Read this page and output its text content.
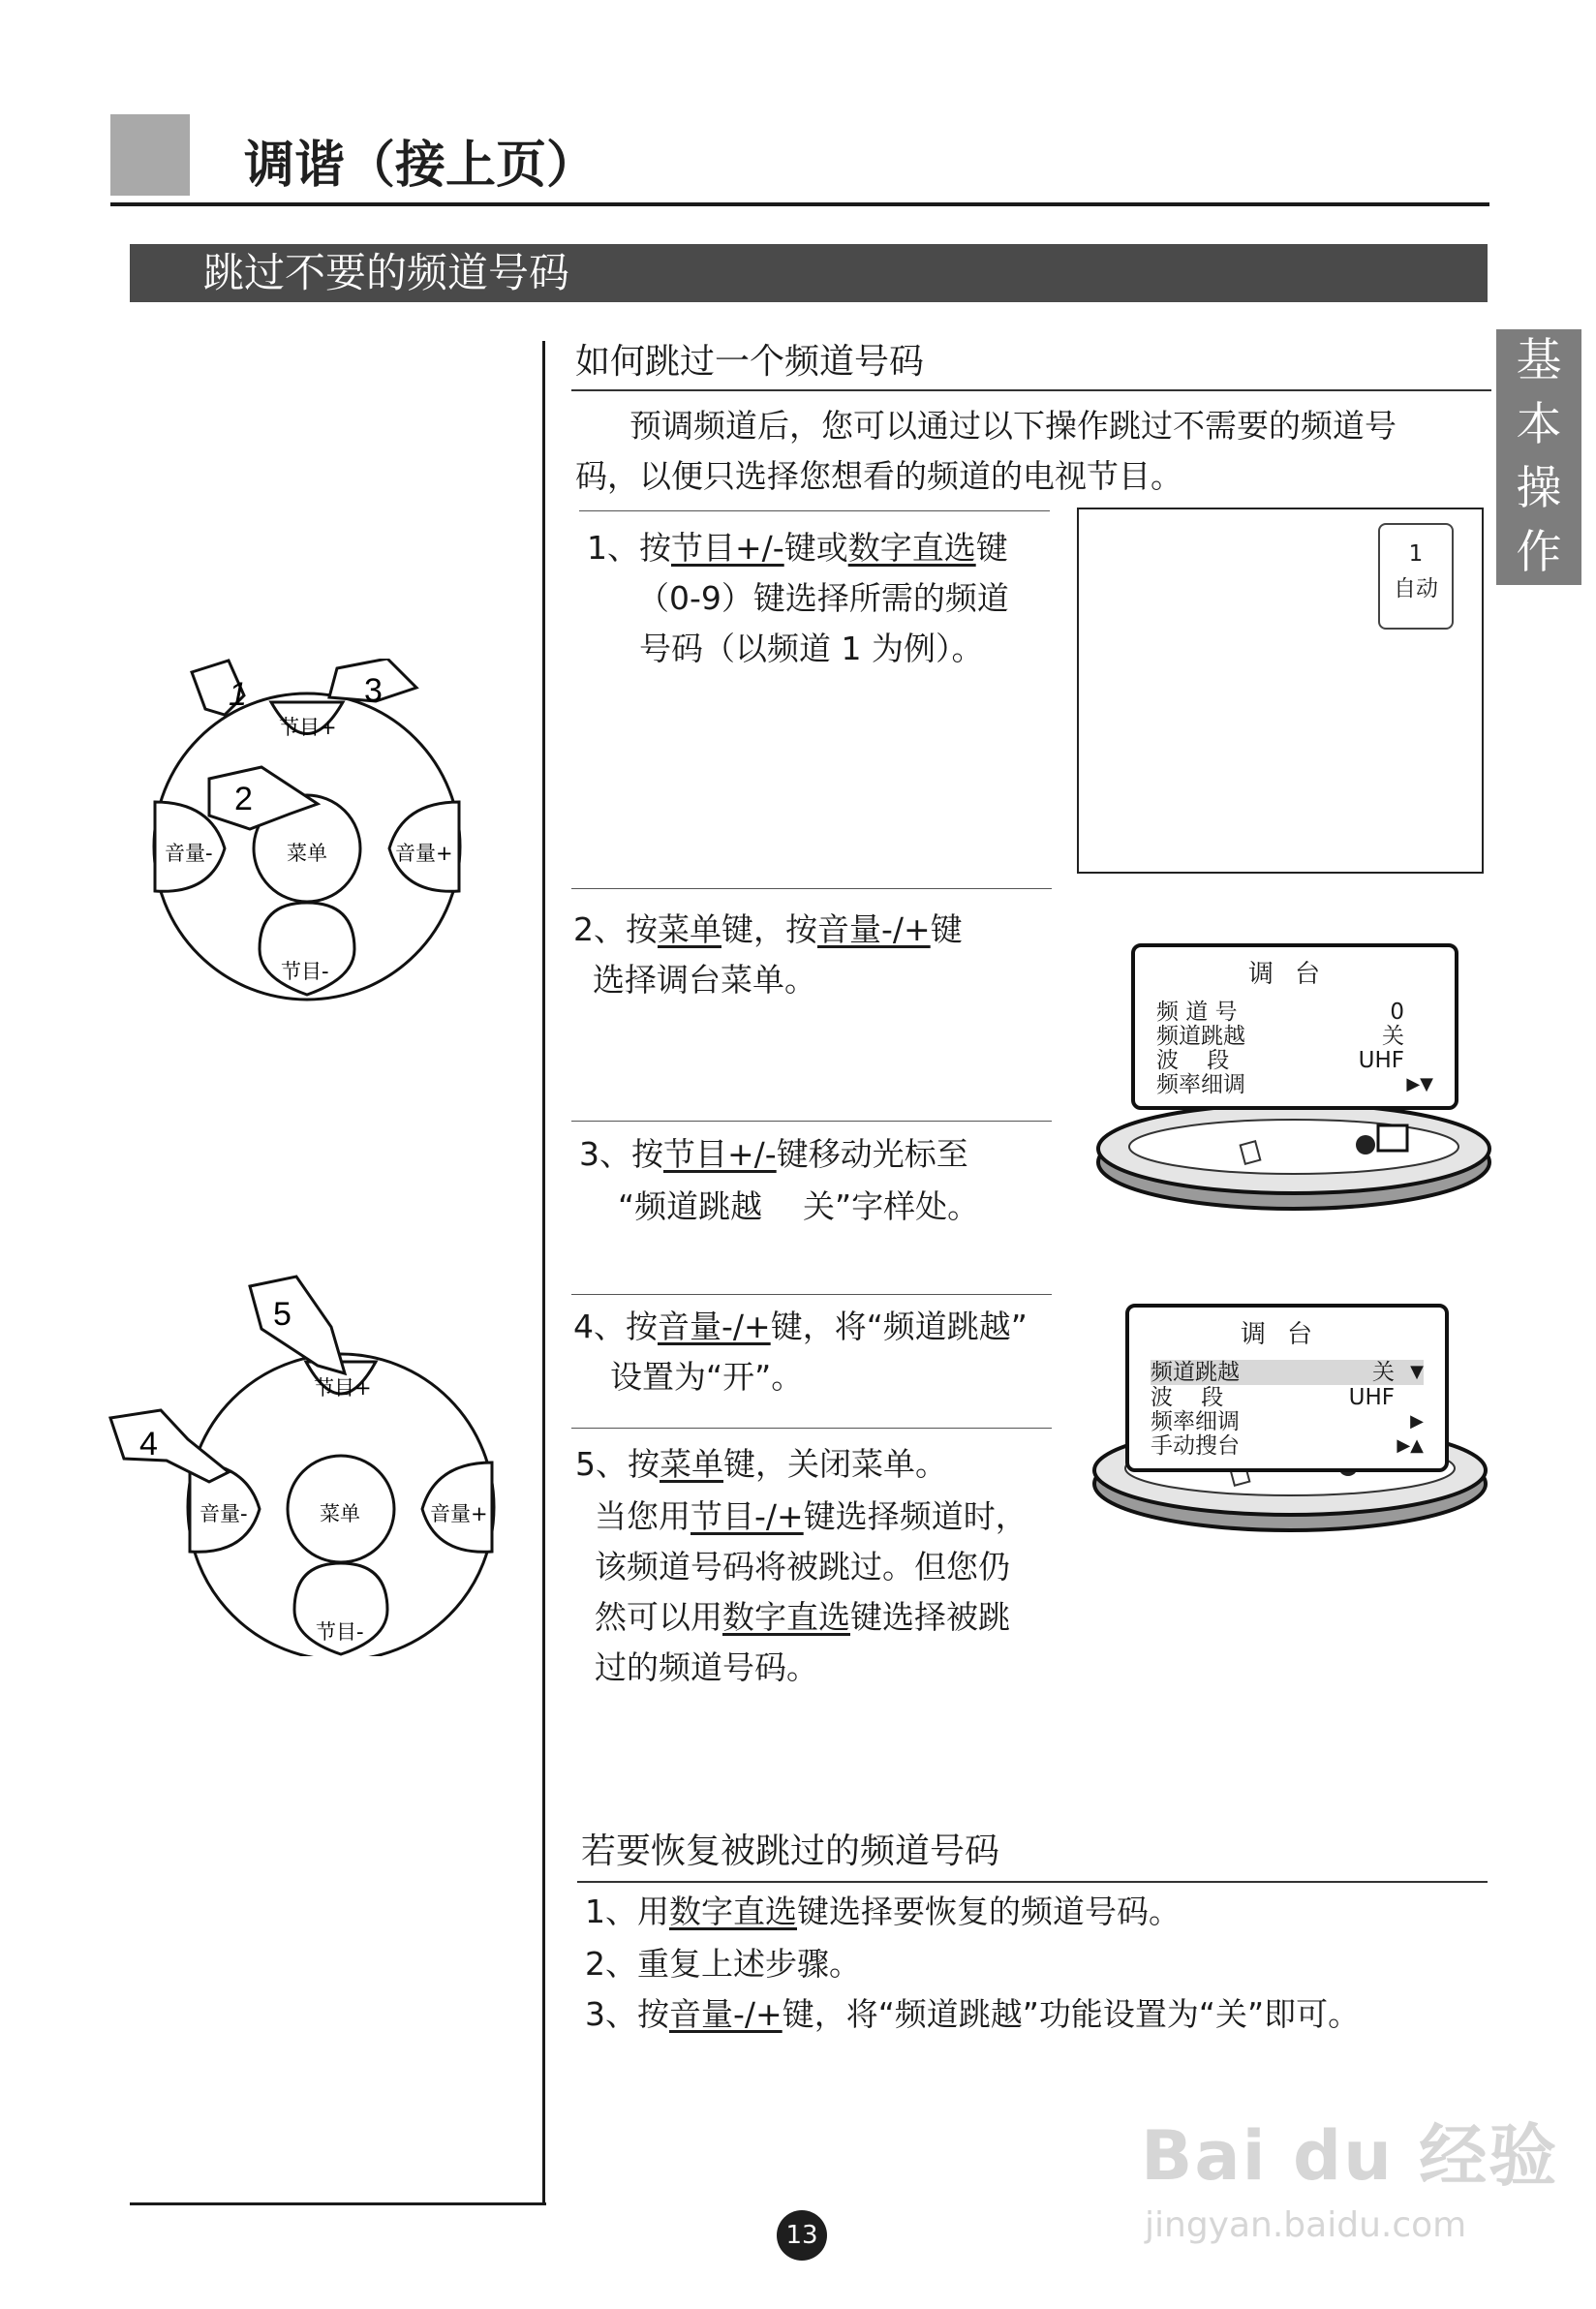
调谐（接上页）
跳过不要的频道号码
基
本
操
作
如何跳过一个频道号码
预调频道后，您可以通过以下操作跳过不需要的频道号
码，以便只选择您想看的频道的电视节目。
1、按节目+/-键或数字直选键
（0-9）键选择所需的频道
号码（以频道 1 为例）。
2、按菜单键，按音量-/+键
选择调台菜单。
3、按节目+/-键移动光标至
“频道跳越    关”字样处。
4、按音量-/+键，将“频道跳越”
设置为“开”。
5、按菜单键，关闭菜单。
当您用节目-/+键选择频道时，
该频道号码将被跳过。但您仍
然可以用数字直选键选择被跳
过的频道号码。
1
自动
调台
频 道 号	0
频道跳越	关
波    段	UHF
频率细调	▶▼
调台
频道跳越	关 ▼
波    段	UHF
频率细调	▶
手动搜台	▶▲
1	3
2
节目+
节目-
音量-	音量+
菜单
5
4
节目+
节目-
音量-	音量+
菜单
若要恢复被跳过的频道号码
1、用数字直选键选择要恢复的频道号码。
2、重复上述步骤。
3、按音量-/+键，将“频道跳越”功能设置为“关”即可。
13
Bai du 经验
jingyan.baidu.com
